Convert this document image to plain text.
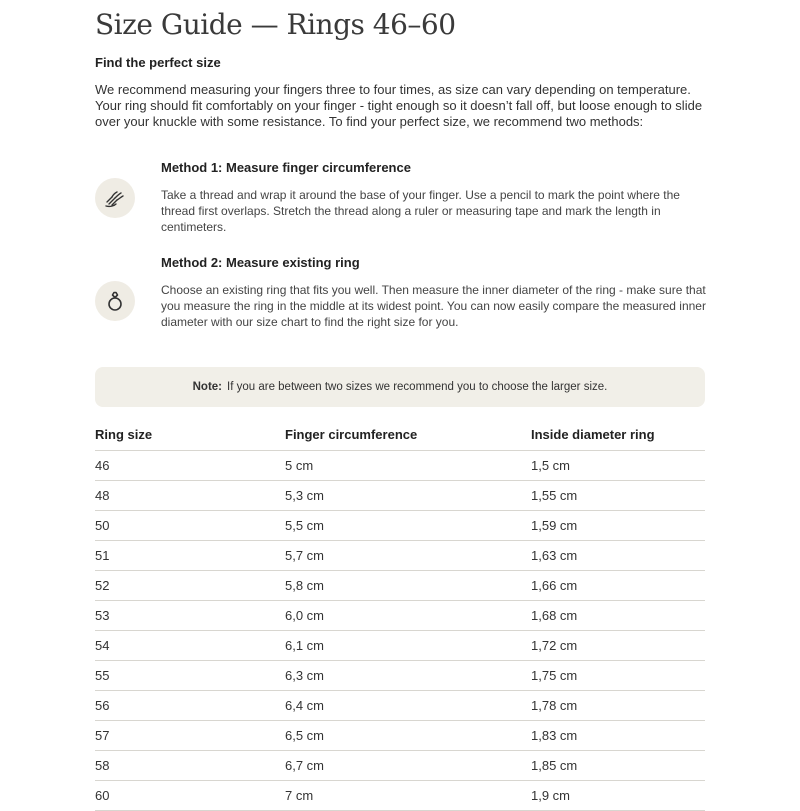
Size Guide — Rings 46–60
Find the perfect size
We recommend measuring your fingers three to four times, as size can vary depending on temperature. Your ring should fit comfortably on your finger - tight enough so it doesn’t fall off, but loose enough to slide over your knuckle with some resistance. To find your perfect size, we recommend two methods:
Method 1: Measure finger circumference
Take a thread and wrap it around the base of your finger. Use a pencil to mark the point where the thread first overlaps. Stretch the thread along a ruler or measuring tape and mark the length in centimeters.
Method 2: Measure existing ring
Choose an existing ring that fits you well. Then measure the inner diameter of the ring - make sure that you measure the ring in the middle at its widest point. You can now easily compare the measured inner diameter with our size chart to find the right size for you.
Note: If you are between two sizes we recommend you to choose the larger size.
Ring size	Finger circumference	Inside diameter ring
46	5 cm	1,5 cm
48	5,3 cm	1,55 cm
50	5,5 cm	1,59 cm
51	5,7 cm	1,63 cm
52	5,8 cm	1,66 cm
53	6,0 cm	1,68 cm
54	6,1 cm	1,72 cm
55	6,3 cm	1,75 cm
56	6,4 cm	1,78 cm
57	6,5 cm	1,83 cm
58	6,7 cm	1,85 cm
60	7 cm	1,9 cm
